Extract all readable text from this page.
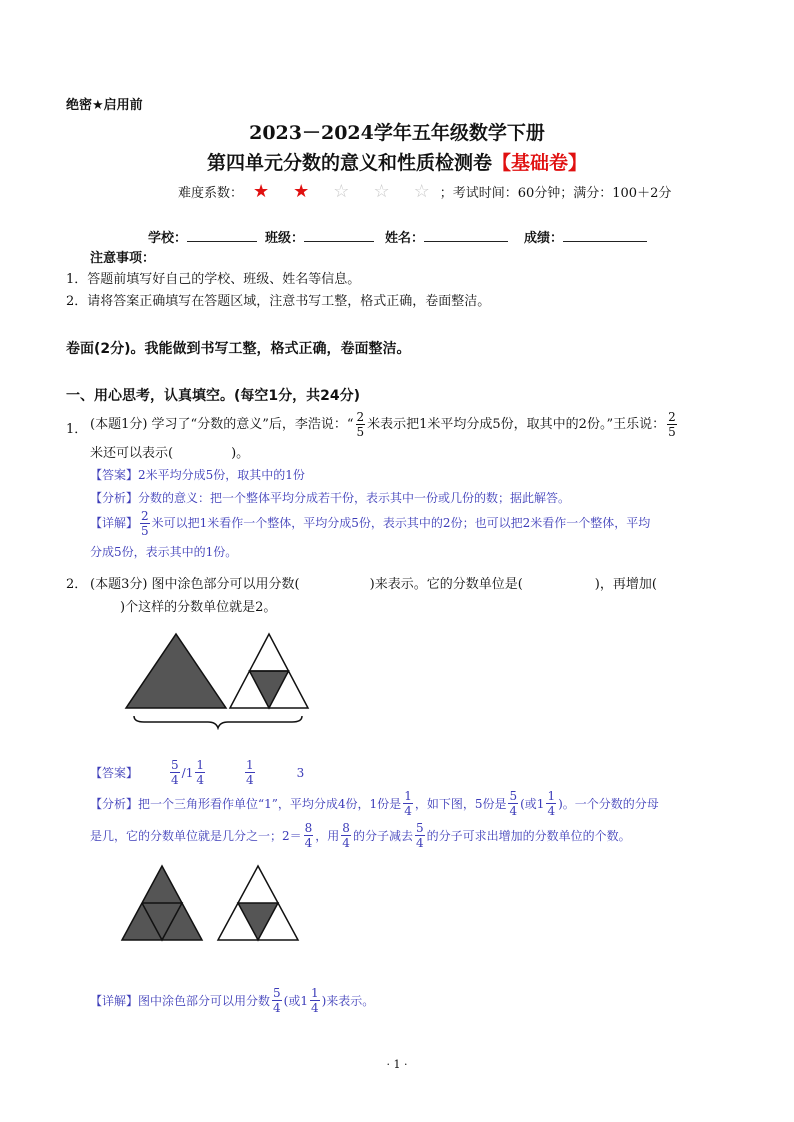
绝密★启用前
2023－2024学年五年级数学下册
第四单元分数的意义和性质检测卷【基础卷】
难度系数： ★ ★ ☆ ☆ ☆ ；考试时间：60分钟；满分：100＋2分
学校：	班级：	姓名：	成绩：
注意事项：
1．答题前填写好自己的学校、班级、姓名等信息。
2．请将答案正确填写在答题区域，注意书写工整，格式正确，卷面整洁。
卷面(2分)。我能做到书写工整，格式正确，卷面整洁。
一、用心思考，认真填空。(每空1分，共24分)
1． (本题1分) 学习了“分数的意义”后，李浩说：“ $\frac{2}{5}$ 米表示把1米平均分成5份，取其中的2份。”王乐说： $\frac{2}{5}$
米还可以表示(	)。
【答案】2米平均分成5份，取其中的1份
【分析】分数的意义：把一个整体平均分成若干份，表示其中一份或几份的数；据此解答。
【详解】 $\frac{2}{5}$ 米可以把1米看作一个整体，平均分成5份，表示其中的2份；也可以把2米看作一个整体，平均
分成5份，表示其中的1份。
2． (本题3分) 图中涂色部分可以用分数(	)来表示。它的分数单位是(	)，再增加(
)个这样的分数单位就是2。
【答案】	$\frac{5}{4} /1 \frac{1}{4}$	$\frac{1}{4}$	3
【分析】把一个三角形看作单位“1”，平均分成4份，1份是 $\frac{1}{4}$ ，如下图，5份是 $\frac{5}{4}$ (或$1 \frac{1}{4}$ )。一个分数的分母
是几，它的分数单位就是几分之一；$2= \frac{8}{4}$ ，用 $\frac{8}{4}$ 的分子减去 $\frac{5}{4}$ 的分子可求出增加的分数单位的个数。
【详解】图中涂色部分可以用分数 $\frac{5}{4}$ (或$1 \frac{1}{4}$ )来表示。
· 1 ·
